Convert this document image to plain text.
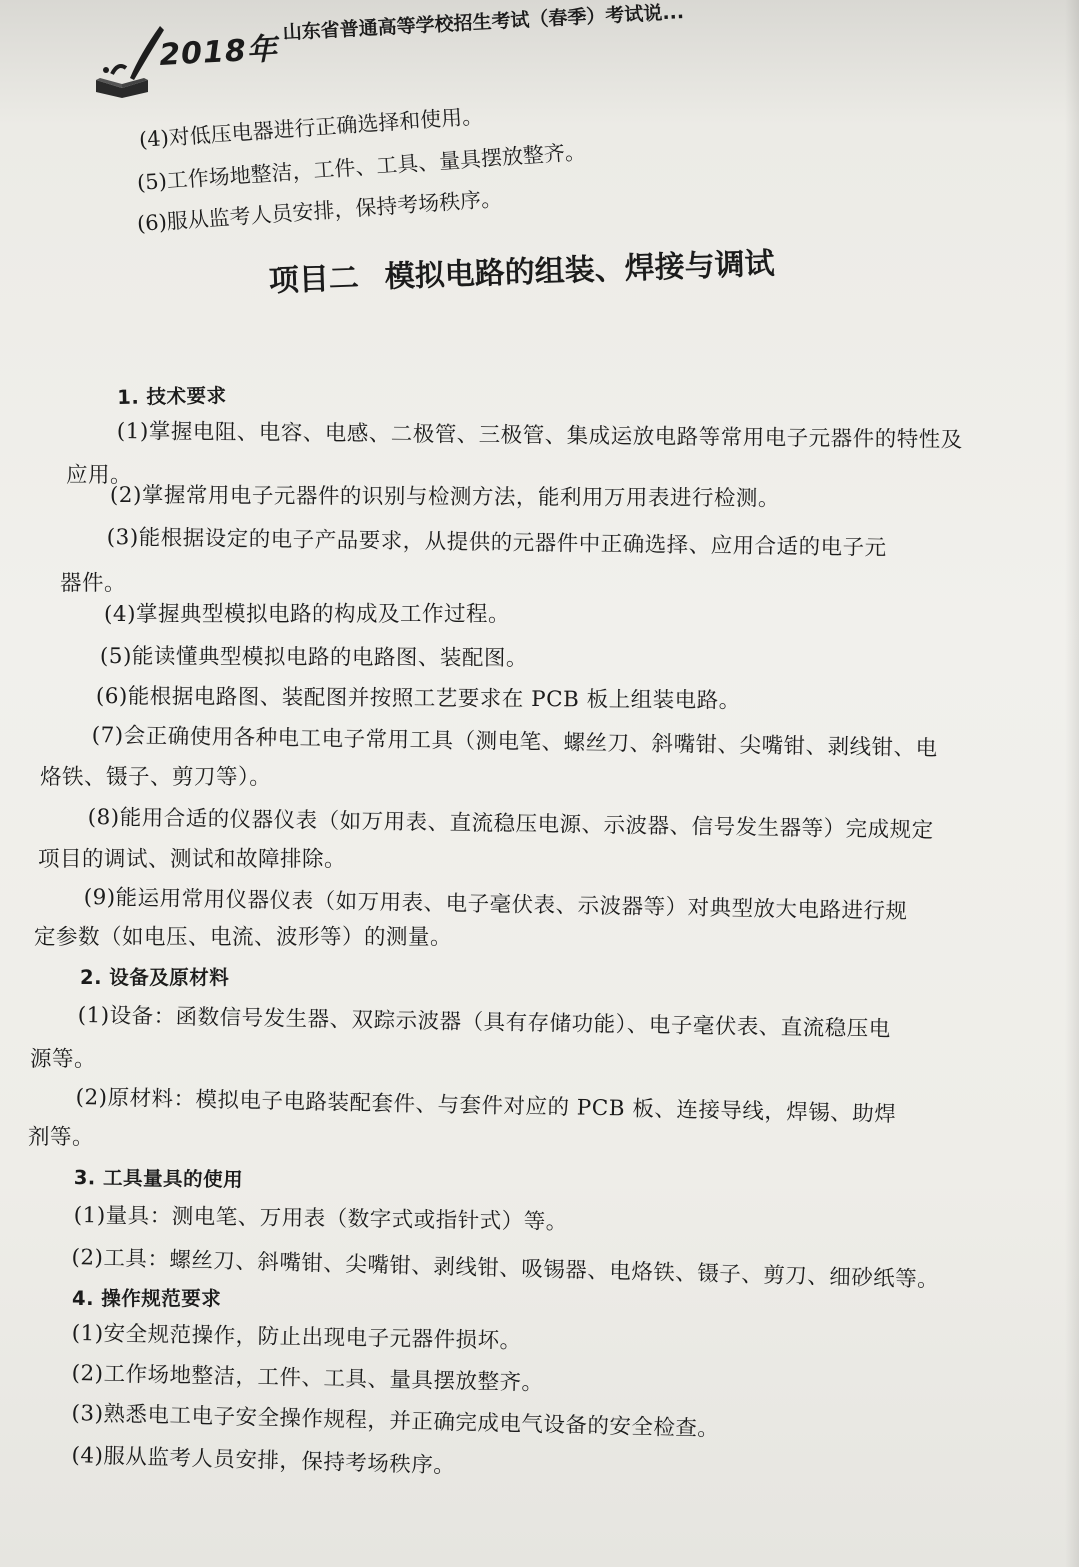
2018年
山东省普通高等学校招生考试（春季）考试说...
(4)对低压电器进行正确选择和使用。
(5)工作场地整洁，工件、工具、量具摆放整齐。
(6)服从监考人员安排，保持考场秩序。
项目二 模拟电路的组装、焊接与调试
1. 技术要求
(1)掌握电阻、电容、电感、二极管、三极管、集成运放电路等常用电子元器件的特性及
应用。
(2)掌握常用电子元器件的识别与检测方法，能利用万用表进行检测。
(3)能根据设定的电子产品要求，从提供的元器件中正确选择、应用合适的电子元
器件。
(4)掌握典型模拟电路的构成及工作过程。
(5)能读懂典型模拟电路的电路图、装配图。
(6)能根据电路图、装配图并按照工艺要求在 PCB 板上组装电路。
(7)会正确使用各种电工电子常用工具（测电笔、螺丝刀、斜嘴钳、尖嘴钳、剥线钳、电
烙铁、镊子、剪刀等）。
(8)能用合适的仪器仪表（如万用表、直流稳压电源、示波器、信号发生器等）完成规定
项目的调试、测试和故障排除。
(9)能运用常用仪器仪表（如万用表、电子毫伏表、示波器等）对典型放大电路进行规
定参数（如电压、电流、波形等）的测量。
2. 设备及原材料
(1)设备：函数信号发生器、双踪示波器（具有存储功能）、电子毫伏表、直流稳压电
源等。
(2)原材料：模拟电子电路装配套件、与套件对应的 PCB 板、连接导线，焊锡、助焊
剂等。
3. 工具量具的使用
(1)量具：测电笔、万用表（数字式或指针式）等。
(2)工具：螺丝刀、斜嘴钳、尖嘴钳、剥线钳、吸锡器、电烙铁、镊子、剪刀、细砂纸等。
4. 操作规范要求
(1)安全规范操作，防止出现电子元器件损坏。
(2)工作场地整洁，工件、工具、量具摆放整齐。
(3)熟悉电工电子安全操作规程，并正确完成电气设备的安全检查。
(4)服从监考人员安排，保持考场秩序。
